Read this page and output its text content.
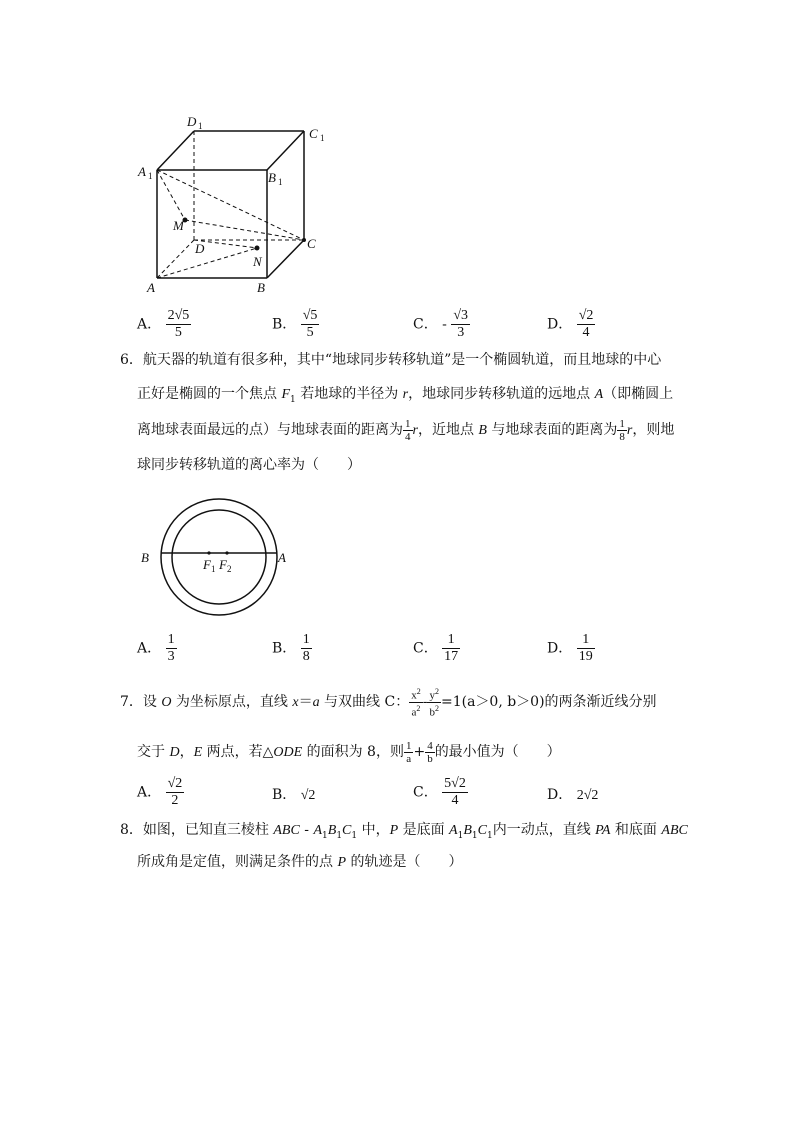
D 1	C 1
A 1	B 1
M
D	C
N
A	B
A． $\frac{2√5}{5}$	B． $\frac{√5}{5}$	C． - $\frac{√3}{3}$	D． $\frac{√2}{4}$
6．航天器的轨道有很多种，其中“地球同步转移轨道”是一个椭圆轨道，而且地球的中心
正好是椭圆的一个焦点 $F_1$ 若地球的半径为 r，地球同步转移轨道的远地点 A（即椭圆上
离地球表面最远的点）与地球表面的距离为 $\frac{1}{4}$ r，近地点 B 与地球表面的距离为 $\frac{1}{8}$ r，则地
球同步转移轨道的离心率为（　　）
B	A
F 1 F 2
A． $\frac{1}{3}$	B． $\frac{1}{8}$	C． $\frac{1}{17}$	D． $\frac{1}{19}$
7．设 O 为坐标原点，直线 x＝a 与双曲线 C： $\frac{x^2}{a^2} - \frac{y^2}{b^2} =1(a>0$, b＞0)的两条渐近线分别
交于 D，E 两点，若△ODE 的面积为 8，则 $\frac{1}{a} + \frac{4}{b}$ 的最小值为（　　）
A． $\frac{√2}{2}$	B． √2	C． $\frac{5√2}{4}$	D． 2√2
8．如图，已知直三棱柱 ABC - $A_1B_1C_1$ 中，P 是底面 $A_1B_1C_1$内一动点，直线 PA 和底面 ABC
所成角是定值，则满足条件的点 P 的轨迹是（　　）
